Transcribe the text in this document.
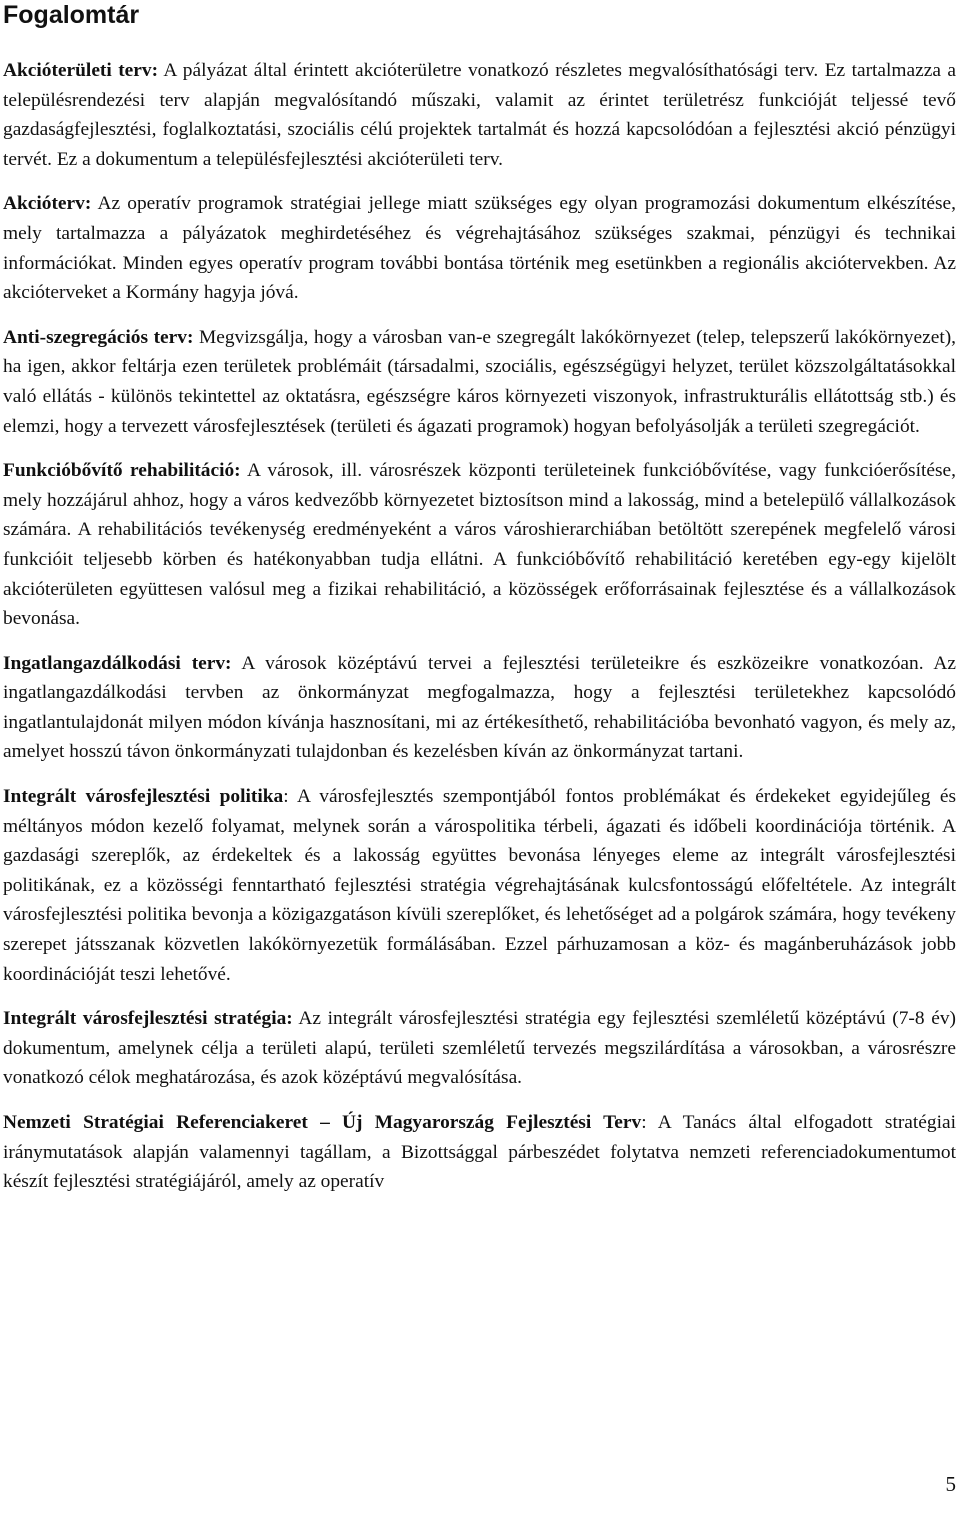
Fogalomtár

Akcióterületi terv: A pályázat által érintett akcióterületre vonatkozó részletes megvalósíthatósági terv. Ez tartalmazza a településrendezési terv alapján megvalósítandó műszaki, valamit az érintet területrész funkcióját teljessé tevő gazdaságfejlesztési, foglalkoztatási, szociális célú projektek tartalmát és hozzá kapcsolódóan a fejlesztési akció pénzügyi tervét. Ez a dokumentum a településfejlesztési akcióterületi terv.

Akcióterv: Az operatív programok stratégiai jellege miatt szükséges egy olyan programozási dokumentum elkészítése, mely tartalmazza a pályázatok meghirdetéséhez és végrehajtásához szükséges szakmai, pénzügyi és technikai információkat. Minden egyes operatív program további bontása történik meg esetünkben a regionális akciótervekben. Az akcióterveket a Kormány hagyja jóvá.

Anti-szegregációs terv: Megvizsgálja, hogy a városban van-e szegregált lakókörnyezet (telep, telepszerű lakókörnyezet), ha igen, akkor feltárja ezen területek problémáit (társadalmi, szociális, egészségügyi helyzet, terület közszolgáltatásokkal való ellátás - különös tekintettel az oktatásra, egészségre káros környezeti viszonyok, infrastrukturális ellátottság stb.) és elemzi, hogy a tervezett városfejlesztések (területi és ágazati programok) hogyan befolyásolják a területi szegregációt.

Funkcióbővítő rehabilitáció: A városok, ill. városrészek központi területeinek funkcióbővítése, vagy funkcióerősítése, mely hozzájárul ahhoz, hogy a város kedvezőbb környezetet biztosítson mind a lakosság, mind a betelepülő vállalkozások számára. A rehabilitációs tevékenység eredményeként a város városhierarchiában betöltött szerepének megfelelő városi funkcióit teljesebb körben és hatékonyabban tudja ellátni. A funkcióbővítő rehabilitáció keretében egy-egy kijelölt akcióterületen együttesen valósul meg a fizikai rehabilitáció, a közösségek erőforrásainak fejlesztése és a vállalkozások bevonása.

Ingatlangazdálkodási terv: A városok középtávú tervei a fejlesztési területeikre és eszközeikre vonatkozóan. Az ingatlangazdálkodási tervben az önkormányzat megfogalmazza, hogy a fejlesztési területekhez kapcsolódó ingatlantulajdonát milyen módon kívánja hasznosítani, mi az értékesíthető, rehabilitációba bevonható vagyon, és mely az, amelyet hosszú távon önkormányzati tulajdonban és kezelésben kíván az önkormányzat tartani.

Integrált városfejlesztési politika: A városfejlesztés szempontjából fontos problémákat és érdekeket egyidejűleg és méltányos módon kezelő folyamat, melynek során a várospolitika térbeli, ágazati és időbeli koordinációja történik. A gazdasági szereplők, az érdekeltek és a lakosság együttes bevonása lényeges eleme az integrált városfejlesztési politikának, ez a közösségi fenntartható fejlesztési stratégia végrehajtásának kulcsfontosságú előfeltétele. Az integrált városfejlesztési politika bevonja a közigazgatáson kívüli szereplőket, és lehetőséget ad a polgárok számára, hogy tevékeny szerepet játsszanak közvetlen lakókörnyezetük formálásában. Ezzel párhuzamosan a köz- és magánberuházások jobb koordinációját teszi lehetővé.

Integrált városfejlesztési stratégia: Az integrált városfejlesztési stratégia egy fejlesztési szemléletű középtávú (7-8 év) dokumentum, amelynek célja a területi alapú, területi szemléletű tervezés megszilárdítása a városokban, a városrészre vonatkozó célok meghatározása, és azok középtávú megvalósítása.

Nemzeti Stratégiai Referenciakeret – Új Magyarország Fejlesztési Terv: A Tanács által elfogadott stratégiai iránymutatások alapján valamennyi tagállam, a Bizottsággal párbeszédet folytatva nemzeti referenciadokumentumot készít fejlesztési stratégiájáról, amely az operatív

5
